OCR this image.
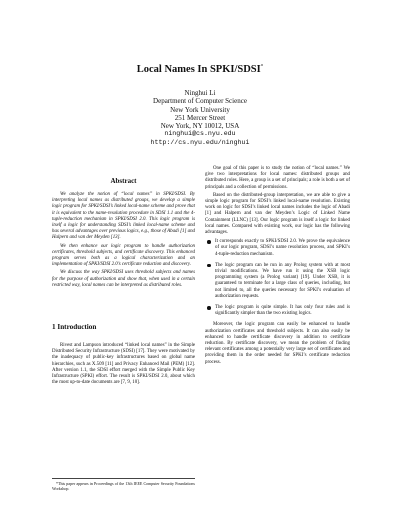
Local Names In SPKI/SDSI*
Ninghui Li
Department of Computer Science
New York University
251 Mercer Street
New York, NY 10012, USA
ninghui@cs.nyu.edu
http://cs.nyu.edu/ninghui
Abstract

We analyze the notion of “local names” in SPKI/SDSI. By interpreting local names as distributed groups, we develop a simple logic program for SPKI/SDSI’s linked local-name scheme and prove that it is equivalent to the name-resolution procedure in SDSI 1.1 and the 4-tuple-reduction mechanism in SPKI/SDSI 2.0. This logic program is itself a logic for understanding SDSI’s linked local-name scheme and has several advantages over previous logics, e.g., those of Abadi [1] and Halpern and van der Meyden [13].

We then enhance our logic program to handle authorization certificates, threshold subjects, and certificate discovery. This enhanced program serves both as a logical characterization and an implementation of SPKI/SDSI 2.0’s certificate reduction and discovery.

We discuss the way SPKI/SDSI uses threshold subjects and names for the purpose of authorization and show that, when used in a certain restricted way, local names can be interpreted as distributed roles.

1 Introduction

Rivest and Lampson introduced “linked local names” in the Simple Distributed Security Infrastructure (SDSI) [17]. They were motivated by the inadequacy of public-key infrastructures based on global name hierarchies, such as X.509 [11] and Privacy Enhanced Mail (PEM) [12]. After version 1.1, the SDSI effort merged with the Simple Public Key Infrastructure (SPKI) effort. The result is SPKI/SDSI 2.0, about which the most up-to-date documents are [7, 9, 10].

*This paper appears in Proceedings of the 13th IEEE Computer Security Foundations Workshop.

One goal of this paper is to study the notion of “local names.” We give two interpretations for local names: distributed groups and distributed roles. Here, a group is a set of principals; a role is both a set of principals and a collection of permissions.

Based on the distributed-group interpretation, we are able to give a simple logic program for SDSI’s linked local-name resolution. Existing work on logic for SDSI’s linked local names includes the logic of Abadi [1] and Halpern and van der Meyden’s Logic of Linked Name Containment (LLNC) [13]. Our logic program is itself a logic for linked local names. Compared with existing work, our logic has the following advantages.

It corresponds exactly to SPKI/SDSI 2.0. We prove the equivalence of our logic program, SDSI’s name resolution process, and SPKI’s 4-tuple-reduction mechanism.
The logic program can be run in any Prolog system with at most trivial modifications. We have run it using the XSB logic programming system (a Prolog variant) [19]. Under XSB, it is guaranteed to terminate for a large class of queries, including, but not limited to, all the queries necessary for SPKI’s evaluation of authorization requests.
The logic program is quite simple. It has only four rules and is significantly simpler than the two existing logics.

Moreover, the logic program can easily be enhanced to handle authorization certificates and threshold subjects. It can also easily be enhanced to handle certificate discovery in addition to certificate reduction. By certificate discovery, we mean the problem of finding relevant certificates among a potentially very large set of certificates and providing them in the order needed for SPKI’s certificate reduction process.
